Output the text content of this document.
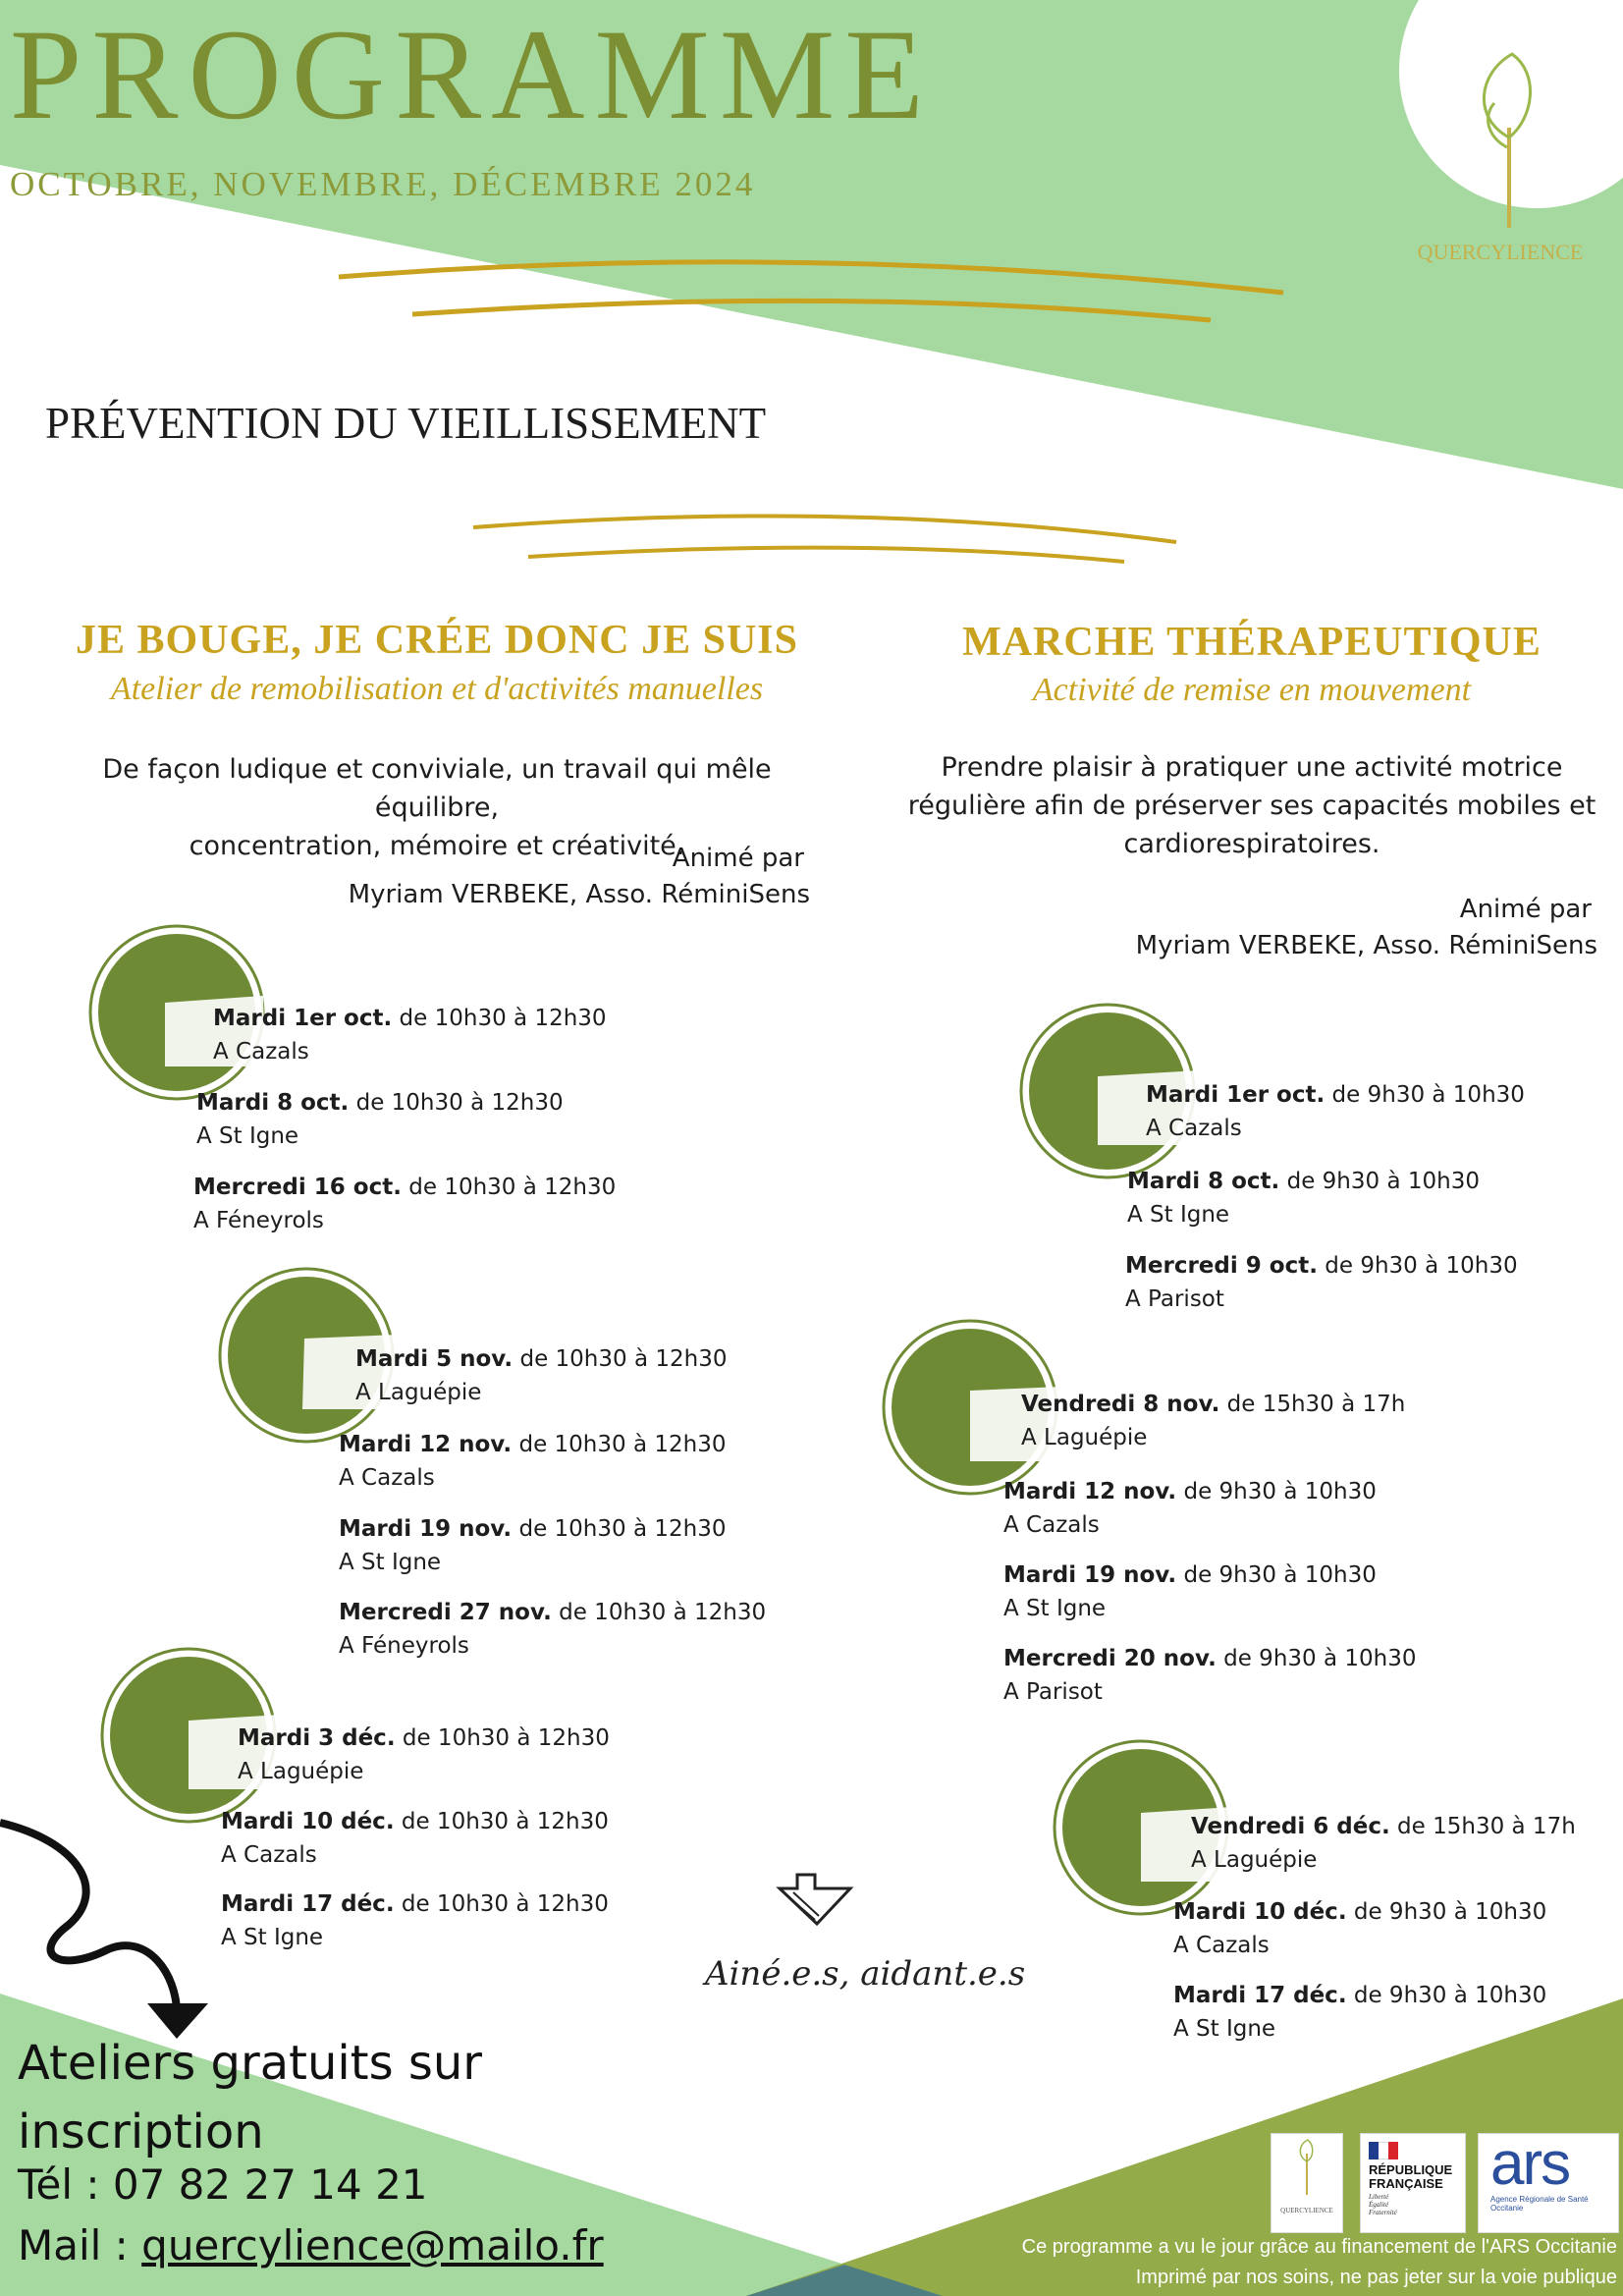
PROGRAMME
OCTOBRE, NOVEMBRE, DÉCEMBRE 2024
QUERCYLIENCE
PRÉVENTION DU VIEILLISSEMENT
JE BOUGE, JE CRÉE DONC JE SUIS
Atelier de remobilisation et d'activités manuelles
De façon ludique et conviviale, un travail qui mêle équilibre,
concentration, mémoire et créativité.
Animé par
Myriam VERBEKE, Asso. RéminiSens
MARCHE THÉRAPEUTIQUE
Activité de remise en mouvement
Prendre plaisir à pratiquer une activité motrice
régulière afin de préserver ses capacités mobiles et
cardiorespiratoires.
Animé par
Myriam VERBEKE, Asso. RéminiSens
Mardi 1er oct. de 10h30 à 12h30
A Cazals
Mardi 8 oct. de 10h30 à 12h30
A St Igne
Mercredi 16 oct. de 10h30 à 12h30
A Féneyrols
Mardi 5 nov. de 10h30 à 12h30
A Laguépie
Mardi 12 nov. de 10h30 à 12h30
A Cazals
Mardi 19 nov. de 10h30 à 12h30
A St Igne
Mercredi 27 nov. de 10h30 à 12h30
A Féneyrols
Mardi 3 déc. de 10h30 à 12h30
A Laguépie
Mardi 10 déc. de 10h30 à 12h30
A Cazals
Mardi 17 déc. de 10h30 à 12h30
A St Igne
Mardi 1er oct. de 9h30 à 10h30
A Cazals
Mardi 8 oct. de 9h30 à 10h30
A St Igne
Mercredi 9 oct. de 9h30 à 10h30
A Parisot
Vendredi 8 nov. de 15h30 à 17h
A Laguépie
Mardi 12 nov. de 9h30 à 10h30
A Cazals
Mardi 19 nov. de 9h30 à 10h30
A St Igne
Mercredi 20 nov. de 9h30 à 10h30
A Parisot
Vendredi 6 déc. de 15h30 à 17h
A Laguépie
Mardi 10 déc. de 9h30 à 10h30
A Cazals
Mardi 17 déc. de 9h30 à 10h30
A St Igne
Ainé.e.s, aidant.e.s
Ateliers gratuits sur
inscription
Tél : 07 82 27 14 21
Mail : quercylience@mailo.fr
QUERCYLIENCE
RÉPUBLIQUE
FRANÇAISE
Liberté Égalité Fraternité
ars
Agence Régionale de Santé Occitanie
Ce programme a vu le jour grâce au financement de l'ARS Occitanie
Imprimé par nos soins, ne pas jeter sur la voie publique
